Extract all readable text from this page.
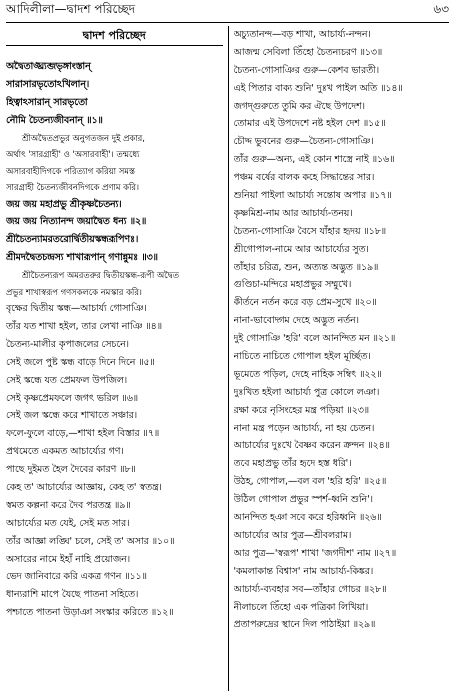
আদিলীলা—দ্বাদশ পরিচ্ছেদ	৬৩
দ্বাদশ পরিচ্ছেদ
অদ্বৈতাঙ্ঘ্র্যব্জভৃঙ্গাংস্তান্
সারাসারভৃতোঽখিলান্।
হিত্বাঽসারান্ সারভৃতো
নৌমি চৈতন্যজীবনান্ ॥১॥
শ্রীঅদ্বৈতপ্রভুর অনুগতজন দুই প্রকার,
অর্থাৎ 'সারগ্রাহী' ও 'অসারবাহী'। তন্মধ্যে
অসারবাহীদিগকে পরিত্যাগ করিয়া সমস্ত
সারগ্রাহী চৈতন্যজীবনদিগকে প্রণাম করি।
জয় জয় মহাপ্রভু শ্রীকৃষ্ণচৈতন্য।
জয় জয় নিত্যানন্দ জয়াদ্বৈত ধন্য ॥২॥
শ্রীচৈতন্যামরতরোর্দ্বিতীয়স্কন্ধরূপিণঃ।
শ্রীমদদ্বৈতচন্দ্রস্য শাখারূপান্ গণান্নুমঃ ॥৩॥
শ্রীচৈতন্যরূপ অমরতরুর দ্বিতীয়স্কন্ধ-রূপী অদ্বৈত
প্রভুর শাখাস্বরূপ গণসকলকে নমস্কার করি।
বৃক্ষের দ্বিতীয় স্কন্ধ—আচার্য্য গোসাঞি।
তাঁর যত শাখা হইল, তার লেখা নাঞি ॥৪॥
চৈতন্য-মালীর কৃপাজলের সেচনে।
সেই জলে পুষ্ট স্কন্ধ বাড়ে দিনে দিনে ॥৫॥
সেই স্কন্ধে যত প্রেমফল উপজিল।
সেই কৃষ্ণপ্রেমফলে জগৎ ভরিল ॥৬॥
সেই জল স্কন্ধে করে শাখাতে সঞ্চার।
ফলে-ফুলে বাড়ে,—শাখা হইল বিস্তার ॥৭॥
প্রথমেতে একমত আচার্য্যের গণ।
পাছে দুইমত হৈল দৈবের কারণ ॥৮॥
কেহ ত' আচার্য্যের আজ্ঞায়, কেহ ত' স্বতন্ত্র।
স্বমত কল্পনা করে দৈব পরতন্ত্র ॥৯॥
আচার্য্যের মত যেই, সেই মত সার।
তাঁর আজ্ঞা লঙ্ঘি' চলে, সেই ত' অসার ॥১০॥
অসারের নামে ইহাঁ নাহি প্রয়োজন।
ভেদ জানিবারে করি একত্র গণন ॥১১॥
ধান্যরাশি মাপে যৈছে পাতনা সহিতে।
পশ্চাতে পাতনা উড়াঞা সংস্কার করিতে ॥১২॥
অচ্যুতানন্দ—বড় শাখা, আচার্য্য-নন্দন।
আজন্ম সেবিলা তিঁহো চৈতন্যচরণ ॥১৩॥
চৈতন্য-গোসাঞির গুরু—কেশব ভারতী।
এই পিতার বাক্য শুনি' দুঃখ পাইল অতি ॥১৪॥
জগদ্গুরুতে তুমি কর ঐছে উপদেশ।
তোমার এই উপদেশে নষ্ট হইল দেশ ॥১৫॥
চৌদ্দ ভুবনের গুরু—চৈতন্য-গোসাঞি।
তাঁর গুরু—অন্য, এই কোন শাস্ত্রে নাই ॥১৬॥
পঞ্চম বর্ষের বালক কহে সিদ্ধান্তের সার।
শুনিয়া পাইলা আচার্য্য সন্তোষ অপার ॥১৭॥
কৃষ্ণমিশ্র-নাম আর আচার্য্য-তনয়।
চৈতন্য-গোসাঞি বৈসে যাঁহার হৃদয় ॥১৮॥
শ্রীগোপাল-নামে আর আচার্য্যের সুত।
তাঁহার চরিত্র, শুন, অত্যন্ত অদ্ভুত ॥১৯॥
গুণ্ডিচা-মন্দিরে মহাপ্রভুর সম্মুখে।
কীর্তনে নর্তন করে বড় প্রেম-সুখে ॥২০॥
নানা-ভাবোদ্গম দেহে অদ্ভুত নর্তন।
দুই গোসাঞি 'হরি' বলে আনন্দিত মন ॥২১॥
নাচিতে নাচিতে গোপাল হইল মূর্চ্ছিত।
ভূমেতে পড়িল, দেহে নাহিক সম্বিৎ ॥২২॥
দুঃখিত হইলা আচার্য্য পুত্র কোলে লঞা।
রক্ষা করে নৃসিংহের মন্ত্র পড়িয়া ॥২৩॥
নানা মন্ত্র পড়েন আচার্য্য, না হয় চেতন।
আচার্য্যের দুঃখে বৈষ্ণব করেন ক্রন্দন ॥২৪॥
তবে মহাপ্রভু তাঁর হৃদে হস্ত ধরি'।
উঠহ, গোপাল,—বল বল 'হরি হরি' ॥২৫॥
উঠিল গোপাল প্রভুর স্পর্শ-ধ্বনি শুনি'।
আনন্দিত হঞা সবে করে হরিধ্বনি ॥২৬॥
আচার্য্যের আর পুত্র—শ্রীবলরাম।
আর পুত্র—'স্বরূপ' শাখা 'জগদীশ' নাম ॥২৭॥
'কমলাকান্ত বিশ্বাস' নাম আচার্য্য-কিঙ্কর।
আচার্য্য-ব্যবহার সব—তাঁহার গোচর ॥২৮॥
নীলাচলে তিঁহো এক পত্রিকা লিখিয়া।
প্রতাপরুদ্রের স্থানে দিল পাঠাইয়া ॥২৯॥
